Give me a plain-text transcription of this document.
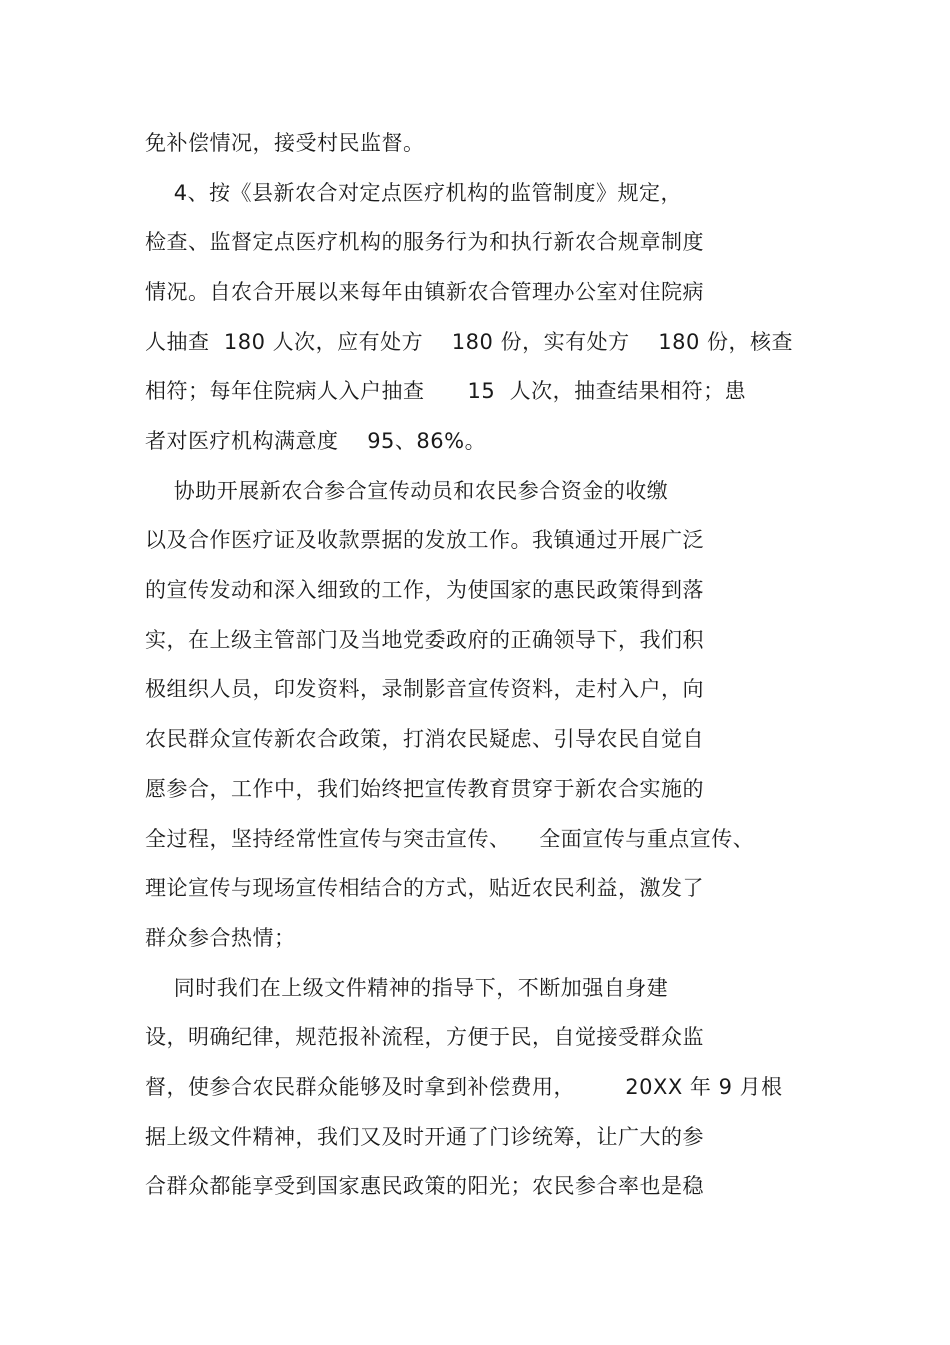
免补偿情况，接受村民监督。
4、按《县新农合对定点医疗机构的监管制度》规定，
检查、监督定点医疗机构的服务行为和执行新农合规章制度
情况。自农合开展以来每年由镇新农合管理办公室对住院病
人抽查  180 人次，应有处方    180 份，实有处方    180 份，核查
相符；每年住院病人入户抽查      15  人次，抽查结果相符；患
者对医疗机构满意度    95、86%。
协助开展新农合参合宣传动员和农民参合资金的收缴
以及合作医疗证及收款票据的发放工作。我镇通过开展广泛
的宣传发动和深入细致的工作，为使国家的惠民政策得到落
实，在上级主管部门及当地党委政府的正确领导下，我们积
极组织人员，印发资料，录制影音宣传资料，走村入户，向
农民群众宣传新农合政策，打消农民疑虑、引导农民自觉自
愿参合，工作中，我们始终把宣传教育贯穿于新农合实施的
全过程，坚持经常性宣传与突击宣传、    全面宣传与重点宣传、
理论宣传与现场宣传相结合的方式，贴近农民利益，激发了
群众参合热情；
同时我们在上级文件精神的指导下，不断加强自身建
设，明确纪律，规范报补流程，方便于民，自觉接受群众监
督，使参合农民群众能够及时拿到补偿费用，       20XX 年 9 月根
据上级文件精神，我们又及时开通了门诊统筹，让广大的参
合群众都能享受到国家惠民政策的阳光；农民参合率也是稳
